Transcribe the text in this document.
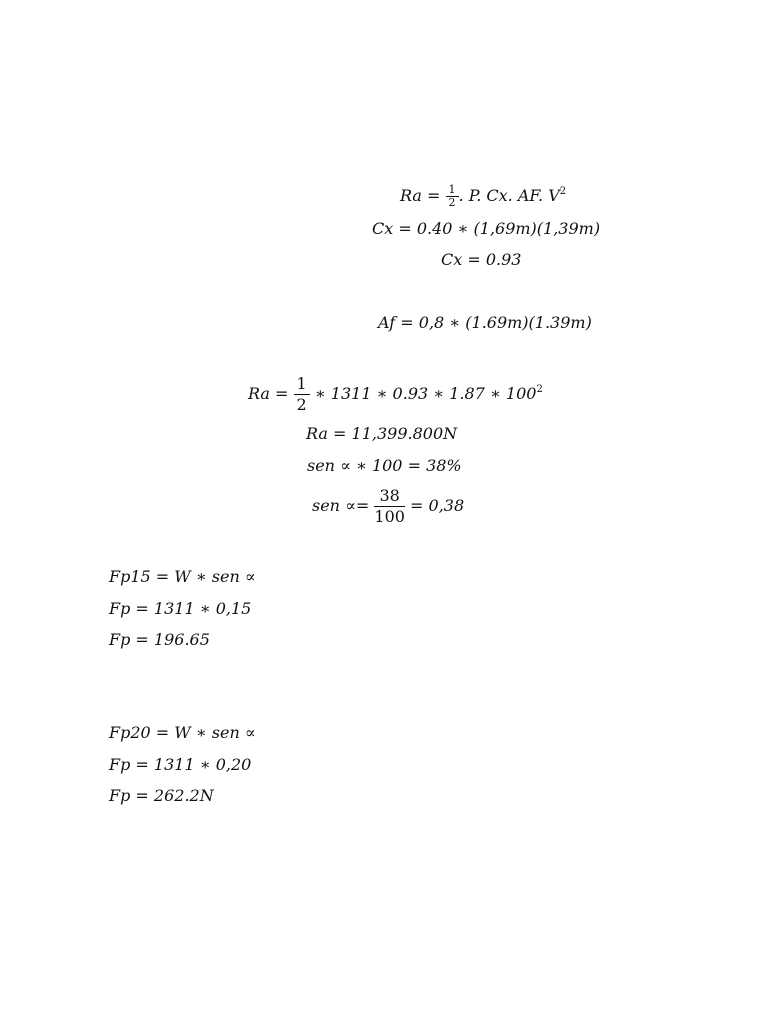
$Ra = \frac{1}{2}$ . P. Cx. AF. $V^2$
Cx = 0.40 ∗ (1,69m)(1,39m)
Cx = 0.93
Af = 0,8 ∗ (1.69m)(1.39m)
$Ra = \frac{1}{2}$ ∗ 1311 ∗ 0.93 ∗ 1.87 ∗ $100^2$
Ra = 11,399.800N
sen ∝ ∗ 100 = 38%
sen ∝= $\frac{38}{100} = 0,38$
Fp15 = W ∗ sen ∝
Fp = 1311 ∗ 0,15
Fp = 196.65
Fp20 = W ∗ sen ∝
Fp = 1311 ∗ 0,20
Fp = 262.2N
